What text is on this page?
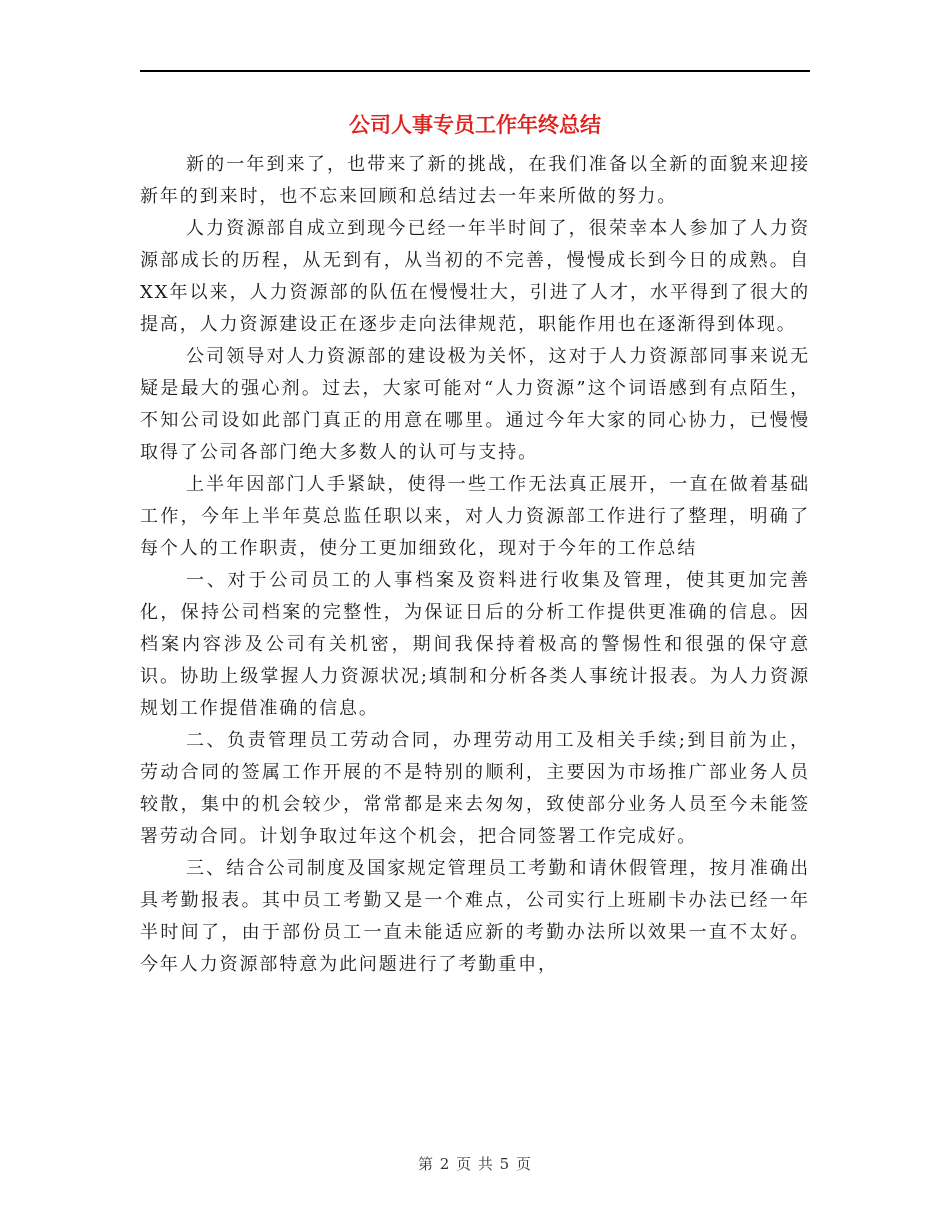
公司人事专员工作年终总结

新的一年到来了，也带来了新的挑战，在我们准备以全新的面貌来迎接新年的到来时，也不忘来回顾和总结过去一年来所做的努力。

人力资源部自成立到现今已经一年半时间了，很荣幸本人参加了人力资源部成长的历程，从无到有，从当初的不完善，慢慢成长到今日的成熟。自XX年以来，人力资源部的队伍在慢慢壮大，引进了人才，水平得到了很大的提高，人力资源建设正在逐步走向法律规范，职能作用也在逐渐得到体现。

公司领导对人力资源部的建设极为关怀，这对于人力资源部同事来说无疑是最大的强心剂。过去，大家可能对“人力资源”这个词语感到有点陌生，不知公司设如此部门真正的用意在哪里。通过今年大家的同心协力，已慢慢取得了公司各部门绝大多数人的认可与支持。

上半年因部门人手紧缺，使得一些工作无法真正展开，一直在做着基础工作，今年上半年莫总监任职以来，对人力资源部工作进行了整理，明确了每个人的工作职责，使分工更加细致化，现对于今年的工作总结

一、对于公司员工的人事档案及资料进行收集及管理，使其更加完善化，保持公司档案的完整性，为保证日后的分析工作提供更准确的信息。因档案内容涉及公司有关机密，期间我保持着极高的警惕性和很强的保守意识。协助上级掌握人力资源状况;填制和分析各类人事统计报表。为人力资源规划工作提借准确的信息。

二、负责管理员工劳动合同，办理劳动用工及相关手续;到目前为止，劳动合同的签属工作开展的不是特别的顺利，主要因为市场推广部业务人员较散，集中的机会较少，常常都是来去匆匆，致使部分业务人员至今未能签署劳动合同。计划争取过年这个机会，把合同签署工作完成好。

三、结合公司制度及国家规定管理员工考勤和请休假管理，按月准确出具考勤报表。其中员工考勤又是一个难点，公司实行上班刷卡办法已经一年半时间了，由于部份员工一直未能适应新的考勤办法所以效果一直不太好。今年人力资源部特意为此问题进行了考勤重申，

第 2 页 共 5 页
